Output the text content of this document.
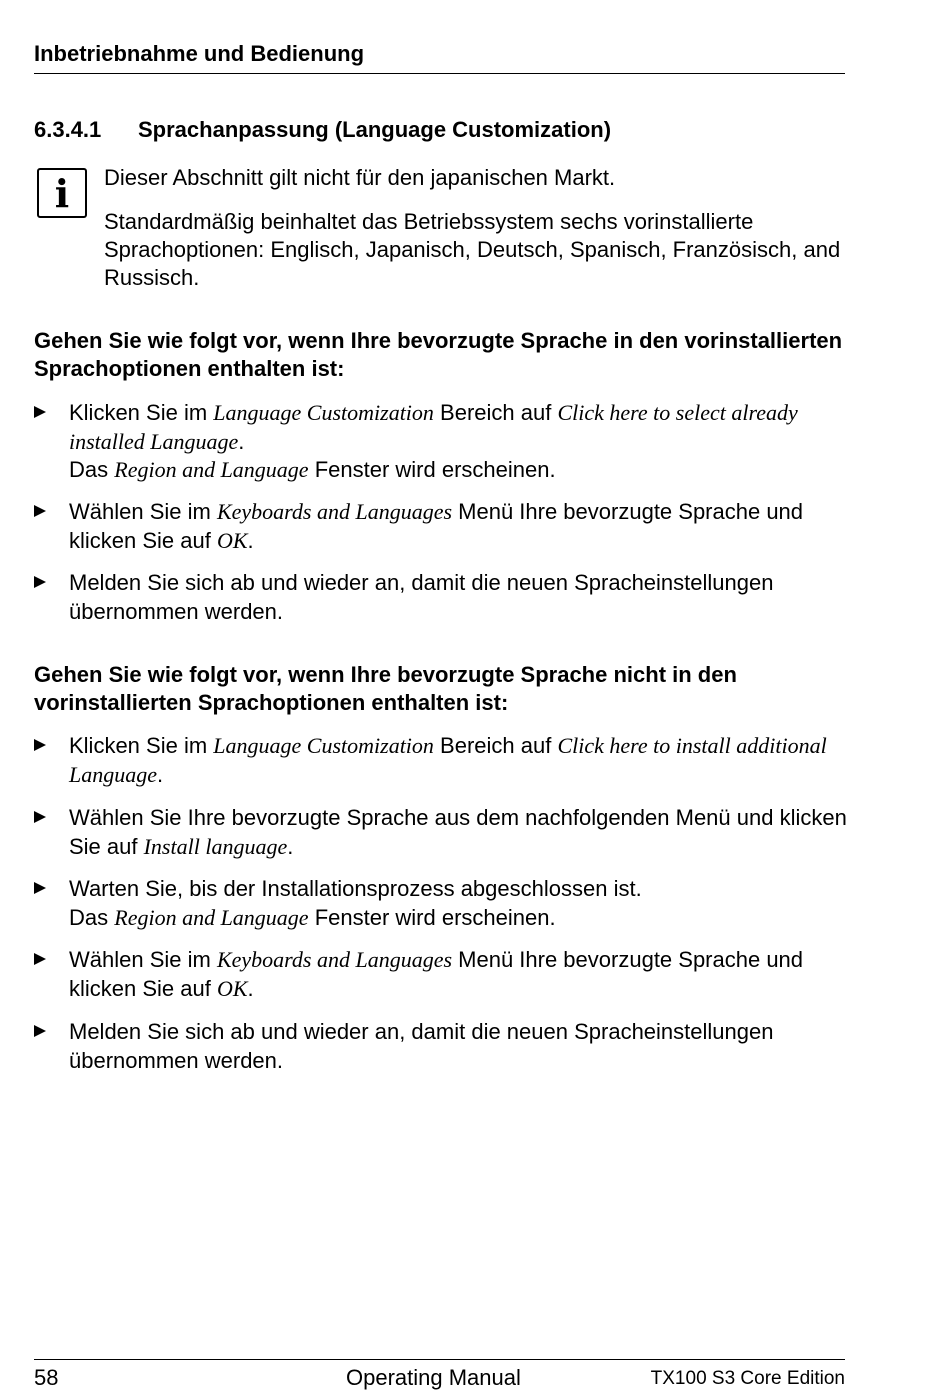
Inbetriebnahme und Bedienung
6.3.4.1 Sprachanpassung (Language Customization)
i	Dieser Abschnitt gilt nicht für den japanischen Markt.
Standardmäßig beinhaltet das Betriebssystem sechs vorinstallierte Sprachoptionen: Englisch, Japanisch, Deutsch, Spanisch, Französisch, and Russisch.
Gehen Sie wie folgt vor, wenn Ihre bevorzugte Sprache in den vorinstallierten Sprachoptionen enthalten ist:
Klicken Sie im Language Customization Bereich auf Click here to select already installed Language.
Das Region and Language Fenster wird erscheinen.
Wählen Sie im Keyboards and Languages Menü Ihre bevorzugte Sprache und klicken Sie auf OK.
Melden Sie sich ab und wieder an, damit die neuen Spracheinstellungen übernommen werden.
Gehen Sie wie folgt vor, wenn Ihre bevorzugte Sprache nicht in den vorinstallierten Sprachoptionen enthalten ist:
Klicken Sie im Language Customization Bereich auf Click here to install additional Language.
Wählen Sie Ihre bevorzugte Sprache aus dem nachfolgenden Menü und klicken Sie auf Install language.
Warten Sie, bis der Installationsprozess abgeschlossen ist.
Das Region and Language Fenster wird erscheinen.
Wählen Sie im Keyboards and Languages Menü Ihre bevorzugte Sprache und klicken Sie auf OK.
Melden Sie sich ab und wieder an, damit die neuen Spracheinstellungen übernommen werden.
58	Operating Manual	TX100 S3 Core Edition
